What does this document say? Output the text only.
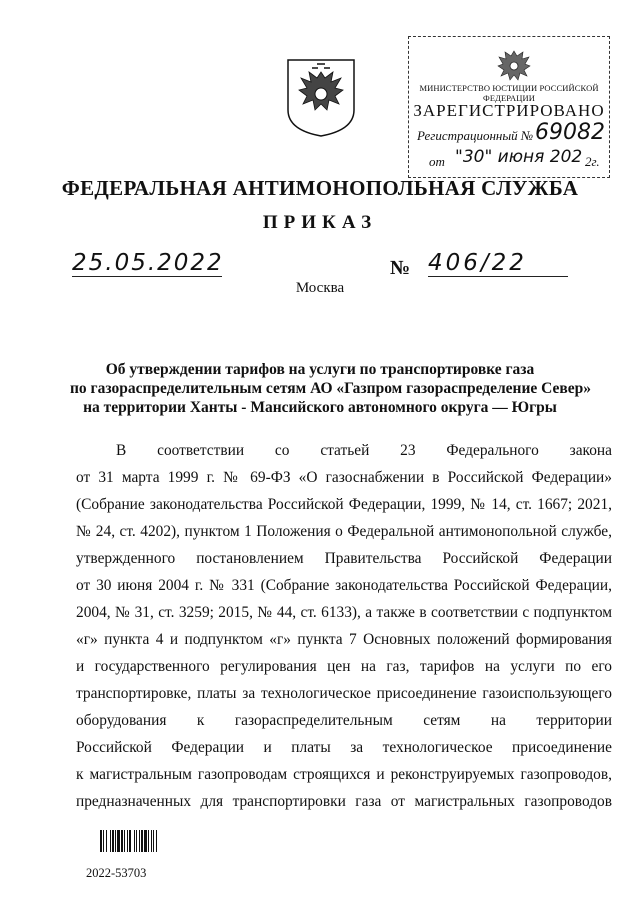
МИНИСТЕРСТВО ЮСТИЦИИ РОССИЙСКОЙ ФЕДЕРАЦИИ
ЗАРЕГИСТРИРОВАНО
Регистрационный № 69082
от "30" июня 202 2г.
ФЕДЕРАЛЬНАЯ АНТИМОНОПОЛЬНАЯ СЛУЖБА
ПРИКАЗ
25.05.2022	№ 406/22
Москва
Об утверждении тарифов на услуги по транспортировке газа
по газораспределительным сетям АО «Газпром газораспределение Север»
на территории Ханты - Мансийского автономного округа — Югры
В соответствии со статьей 23 Федерального закона
от 31 марта 1999 г. № 69-ФЗ «О газоснабжении в Российской Федерации»
(Собрание законодательства Российской Федерации, 1999, № 14, ст. 1667; 2021,
№ 24, ст. 4202), пунктом 1 Положения о Федеральной антимонопольной службе,
утвержденного постановлением Правительства Российской Федерации
от 30 июня 2004 г. № 331 (Собрание законодательства Российской Федерации,
2004, № 31, ст. 3259; 2015, № 44, ст. 6133), а также в соответствии с подпунктом
«г» пункта 4 и подпунктом «г» пункта 7 Основных положений формирования
и государственного регулирования цен на газ, тарифов на услуги по его
транспортировке, платы за технологическое присоединение газоиспользующего
оборудования к газораспределительным сетям на территории
Российской Федерации и платы за технологическое присоединение
к магистральным газопроводам строящихся и реконструируемых газопроводов,
предназначенных для транспортировки газа от магистральных газопроводов
2022-53703
